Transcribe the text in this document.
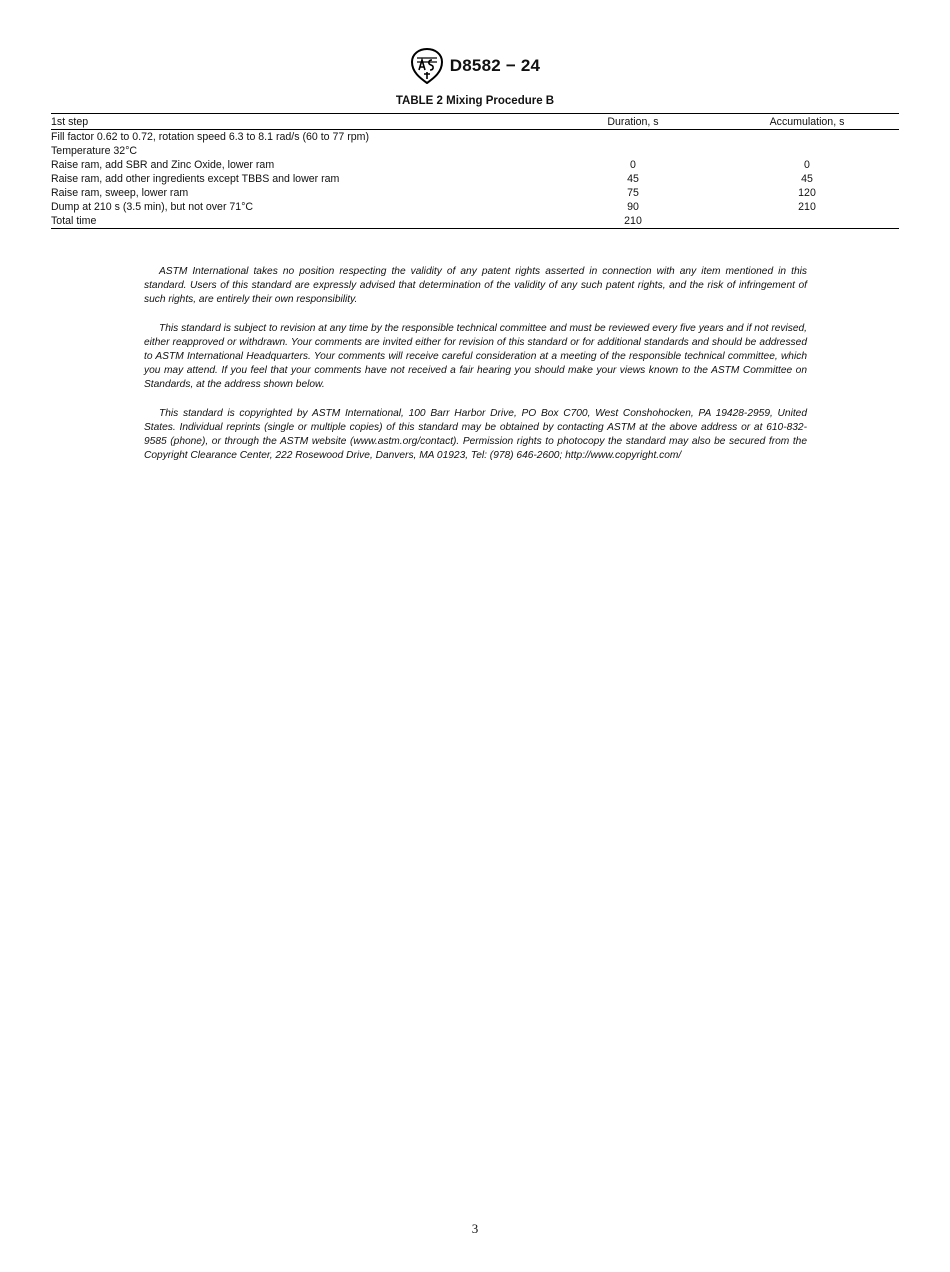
D8582 − 24
TABLE 2 Mixing Procedure B
1st step	Duration, s	Accumulation, s
Fill factor 0.62 to 0.72, rotation speed 6.3 to 8.1 rad/s (60 to 77 rpm)		
Temperature 32°C		
Raise ram, add SBR and Zinc Oxide, lower ram	0	0
Raise ram, add other ingredients except TBBS and lower ram	45	45
Raise ram, sweep, lower ram	75	120
Dump at 210 s (3.5 min), but not over 71°C	90	210
Total time	210	

ASTM International takes no position respecting the validity of any patent rights asserted in connection with any item mentioned in this standard. Users of this standard are expressly advised that determination of the validity of any such patent rights, and the risk of infringement of such rights, are entirely their own responsibility.

This standard is subject to revision at any time by the responsible technical committee and must be reviewed every five years and if not revised, either reapproved or withdrawn. Your comments are invited either for revision of this standard or for additional standards and should be addressed to ASTM International Headquarters. Your comments will receive careful consideration at a meeting of the responsible technical committee, which you may attend. If you feel that your comments have not received a fair hearing you should make your views known to the ASTM Committee on Standards, at the address shown below.

This standard is copyrighted by ASTM International, 100 Barr Harbor Drive, PO Box C700, West Conshohocken, PA 19428-2959, United States. Individual reprints (single or multiple copies) of this standard may be obtained by contacting ASTM at the above address or at 610-832-9585 (phone), or through the ASTM website (www.astm.org/contact). Permission rights to photocopy the standard may also be secured from the Copyright Clearance Center, 222 Rosewood Drive, Danvers, MA 01923, Tel: (978) 646-2600; http://www.copyright.com/

3
